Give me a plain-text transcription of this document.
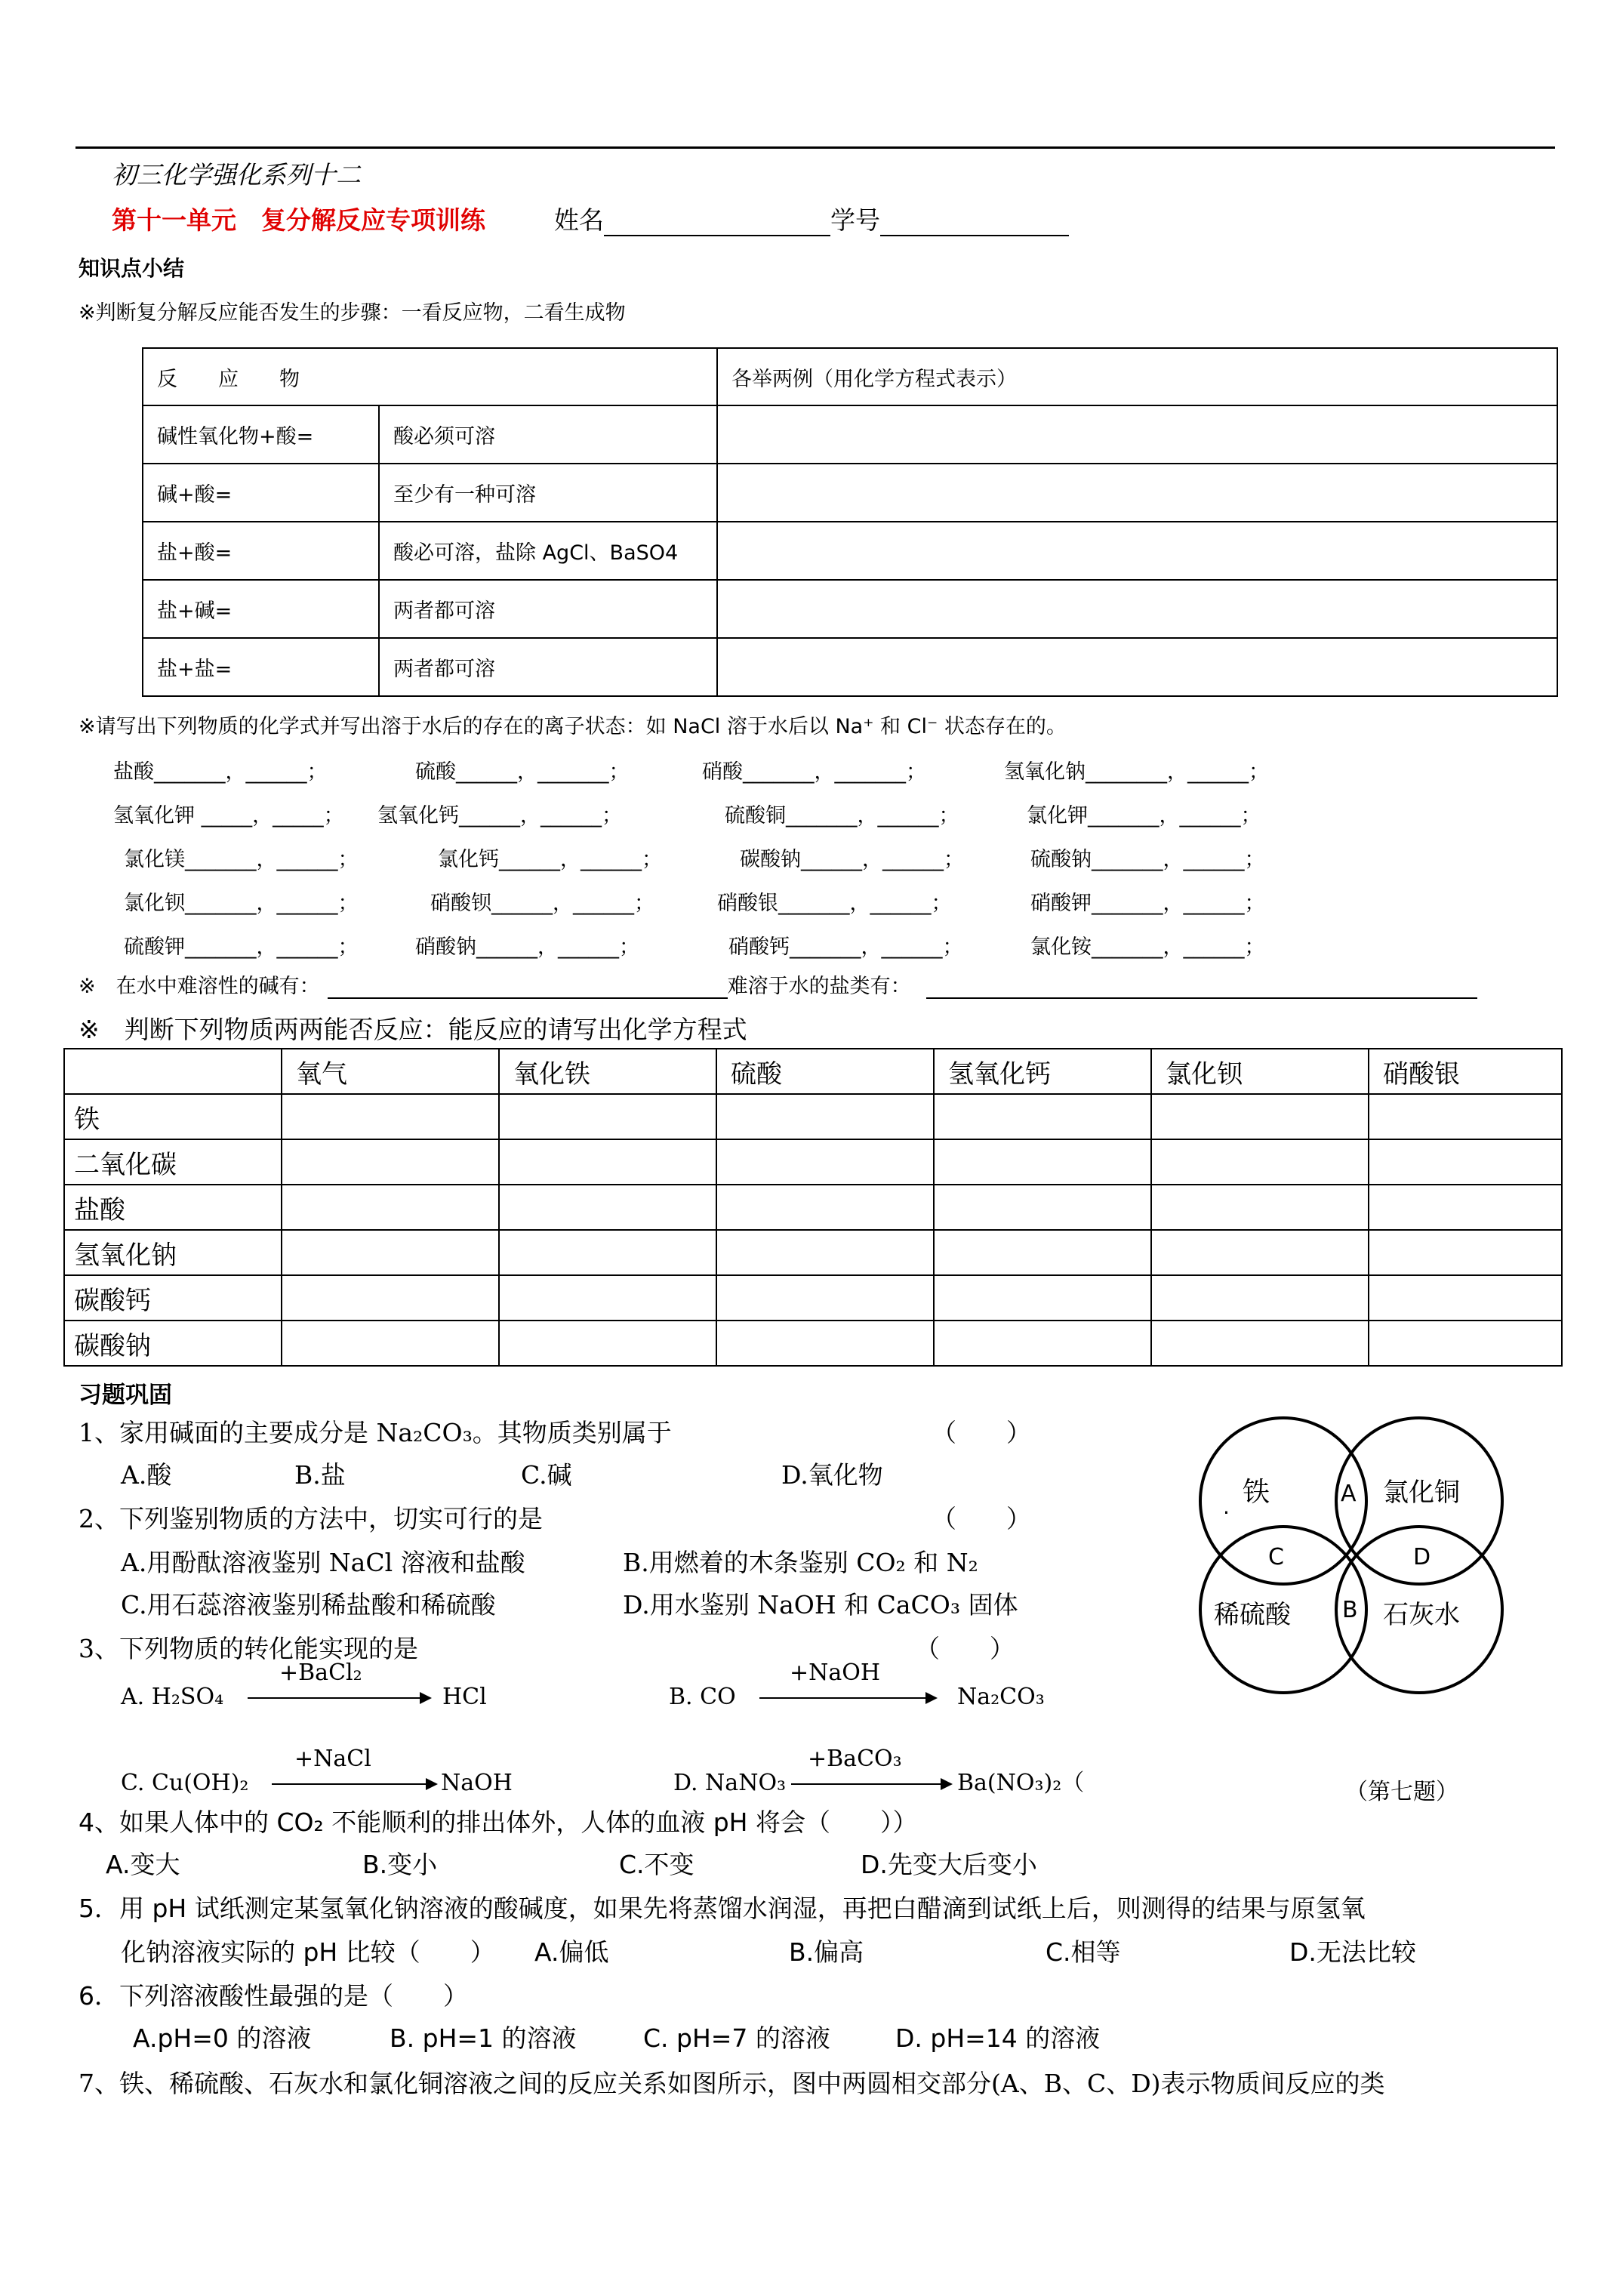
初三化学强化系列十二
第十一单元　复分解反应专项训练	姓名	学号
知识点小结
※判断复分解反应能否发生的步骤：一看反应物，二看生成物
反　　应　　物		各举两例（用化学方程式表示）
碱性氧化物+酸=	酸必须可溶	
碱+酸=	至少有一种可溶	
盐+酸=	酸必可溶，盐除 AgCl、BaSO4	
盐+碱=	两者都可溶	
盐+盐=	两者都可溶	
※请写出下列物质的化学式并写出溶于水后的存在的离子状态：如 NaCl 溶于水后以 Na⁺ 和 Cl⁻ 状态存在的。
盐酸_______，______；	硫酸______，_______；	硝酸_______，_______；	氢氧化钠________，______；
氢氧化钾 _____，_____； 氢氧化钙______，______；	硫酸铜_______，______；	氯化钾_______，______；
氯化镁_______，______；	氯化钙______，______；	碳酸钠______，______；	硫酸钠_______，______；
氯化钡_______，______；	硝酸钡______，______；	硝酸银_______，______；	硝酸钾_______，______；
硫酸钾_______，______；	硝酸钠______，______；	硝酸钙_______，______；	氯化铵_______，______；
※　在水中难溶性的碱有：	难溶于水的盐类有：
※　判断下列物质两两能否反应：能反应的请写出化学方程式
	氧气	氧化铁	硫酸	氢氧化钙	氯化钡	硝酸银
铁						
二氧化碳						
盐酸						
氢氧化钠						
碳酸钙						
碳酸钠						
习题巩固
1、家用碱面的主要成分是 Na₂CO₃。其物质类别属于	（　　）
A.酸	B.盐	C.碱	D.氧化物
2、下列鉴别物质的方法中，切实可行的是	（　　）
A.用酚酞溶液鉴别 NaCl 溶液和盐酸	B.用燃着的木条鉴别 CO₂ 和 N₂
C.用石蕊溶液鉴别稀盐酸和稀硫酸	D.用水鉴别 NaOH 和 CaCO₃ 固体
3、下列物质的转化能实现的是	（　　）
A. H₂SO₄
+BaCl₂
HCl	B. CO
+NaOH
Na₂CO₃
C. Cu(OH)₂
+NaCl
NaOH	D. NaNO₃
+BaCO₃
Ba(NO₃)₂（
4、如果人体中的 CO₂ 不能顺利的排出体外，人体的血液 pH 将会（　　））
A.变大	B.变小	C.不变	D.先变大后变小
5．用 pH 试纸测定某氢氧化钠溶液的酸碱度，如果先将蒸馏水润湿，再把白醋滴到试纸上后，则测得的结果与原氢氧
化钠溶液实际的 pH 比较（　　） A.偏低	B.偏高	C.相等	D.无法比较
6．下列溶液酸性最强的是（　　）
A.pH=0 的溶液	B. pH=1 的溶液	C. pH=7 的溶液	D. pH=14 的溶液
7、铁、稀硫酸、石灰水和氯化铜溶液之间的反应关系如图所示，图中两圆相交部分(A、B、C、D)表示物质间反应的类
. 铁	氯化铜
稀硫酸	石灰水
A
B
C	D
（第七题）
